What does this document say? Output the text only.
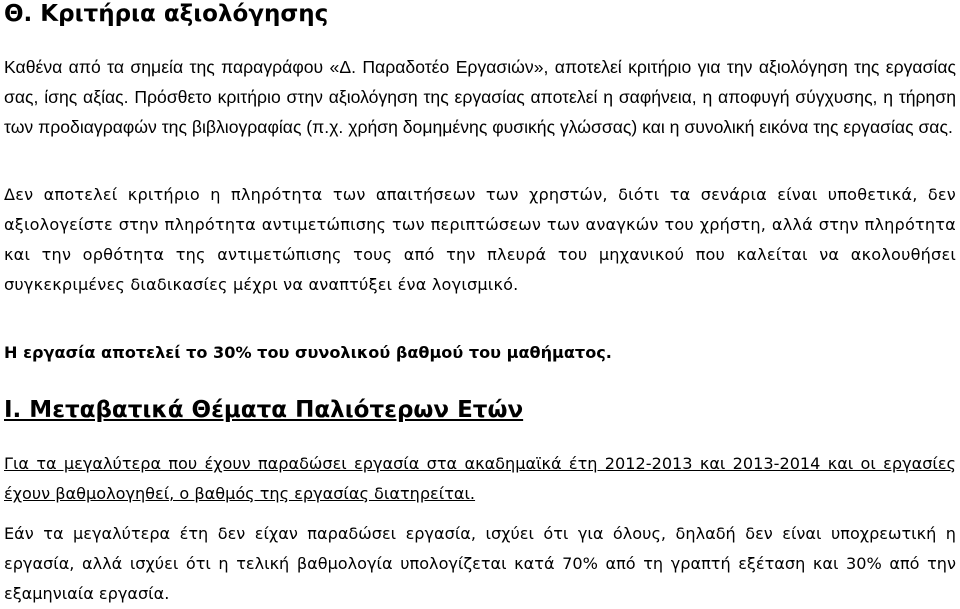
Θ. Κριτήρια αξιολόγησης

Καθένα από τα σημεία της παραγράφου «Δ. Παραδοτέο Εργασιών», αποτελεί κριτήριο για την αξιολόγηση της εργασίας σας, ίσης αξίας. Πρόσθετο κριτήριο στην αξιολόγηση της εργασίας αποτελεί η σαφήνεια, η αποφυγή σύγχυσης, η τήρηση των προδιαγραφών της βιβλιογραφίας (π.χ. χρήση δομημένης φυσικής γλώσσας) και η συνολική εικόνα της εργασίας σας.

Δεν αποτελεί κριτήριο η πληρότητα των απαιτήσεων των χρηστών, διότι τα σενάρια είναι υποθετικά, δεν αξιολογείστε στην πληρότητα αντιμετώπισης των περιπτώσεων των αναγκών του χρήστη, αλλά στην πληρότητα και την ορθότητα της αντιμετώπισης τους από την πλευρά του μηχανικού που καλείται να ακολουθήσει συγκεκριμένες διαδικασίες μέχρι να αναπτύξει ένα λογισμικό.

Η εργασία αποτελεί το 30% του συνολικού βαθμού του μαθήματος.

Ι. Μεταβατικά Θέματα Παλιότερων Ετών

Για τα μεγαλύτερα που έχουν παραδώσει εργασία στα ακαδημαϊκά έτη 2012-2013 και 2013-2014 και οι εργασίες έχουν βαθμολογηθεί, ο βαθμός της εργασίας διατηρείται.

Εάν τα μεγαλύτερα έτη δεν είχαν παραδώσει εργασία, ισχύει ότι για όλους, δηλαδή δεν είναι υποχρεωτική η εργασία, αλλά ισχύει ότι η τελική βαθμολογία υπολογίζεται κατά 70% από τη γραπτή εξέταση και 30% από την εξαμηνιαία εργασία.
